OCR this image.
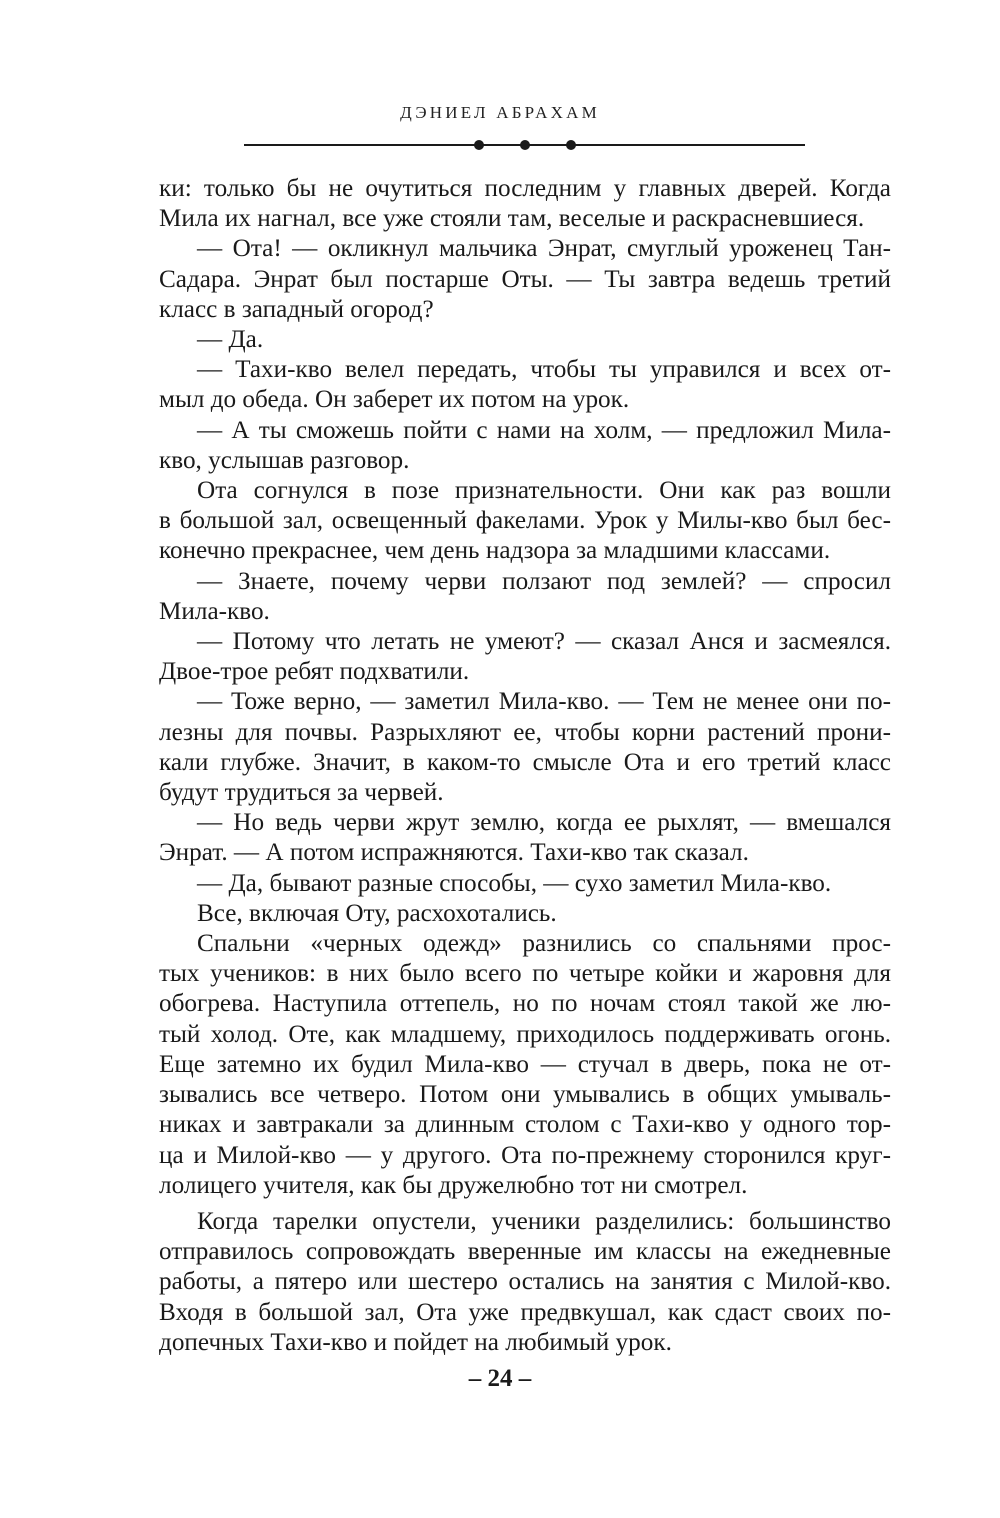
ДЭНИЕЛ АБРАХАМ
ки: только бы не очутиться последним у главных дверей. Когда
Мила их нагнал, все уже стояли там, веселые и раскрасневшиеся.
— Ота! — окликнул мальчика Энрат, смуглый уроженец Тан-
Садара. Энрат был постарше Оты. — Ты завтра ведешь третий
класс в западный огород?
— Да.
— Тахи-кво велел передать, чтобы ты управился и всех от-
мыл до обеда. Он заберет их потом на урок.
— А ты сможешь пойти с нами на холм, — предложил Мила-
кво, услышав разговор.
Ота согнулся в позе признательности. Они как раз вошли
в большой зал, освещенный факелами. Урок у Милы-кво был бес-
конечно прекраснее, чем день надзора за младшими классами.
— Знаете, почему черви ползают под землей? — спросил
Мила-кво.
— Потому что летать не умеют? — сказал Анся и засмеялся.
Двое-трое ребят подхватили.
— Тоже верно, — заметил Мила-кво. — Тем не менее они по-
лезны для почвы. Разрыхляют ее, чтобы корни растений прони-
кали глубже. Значит, в каком-то смысле Ота и его третий класс
будут трудиться за червей.
— Но ведь черви жрут землю, когда ее рыхлят, — вмешался
Энрат. — А потом испражняются. Тахи-кво так сказал.
— Да, бывают разные способы, — сухо заметил Мила-кво.
Все, включая Оту, расхохотались.
Спальни «черных одежд» разнились со спальнями прос-
тых учеников: в них было всего по четыре койки и жаровня для
обогрева. Наступила оттепель, но по ночам стоял такой же лю-
тый холод. Оте, как младшему, приходилось поддерживать огонь.
Еще затемно их будил Мила-кво — стучал в дверь, пока не от-
зывались все четверо. Потом они умывались в общих умываль-
никах и завтракали за длинным столом с Тахи-кво у одного тор-
ца и Милой-кво — у другого. Ота по-прежнему сторонился круг-
лолицего учителя, как бы дружелюбно тот ни смотрел.
Когда тарелки опустели, ученики разделились: большинство
отправилось сопровождать вверенные им классы на ежедневные
работы, а пятеро или шестеро остались на занятия с Милой-кво.
Входя в большой зал, Ота уже предвкушал, как сдаст своих по-
допечных Тахи-кво и пойдет на любимый урок.
– 24 –
